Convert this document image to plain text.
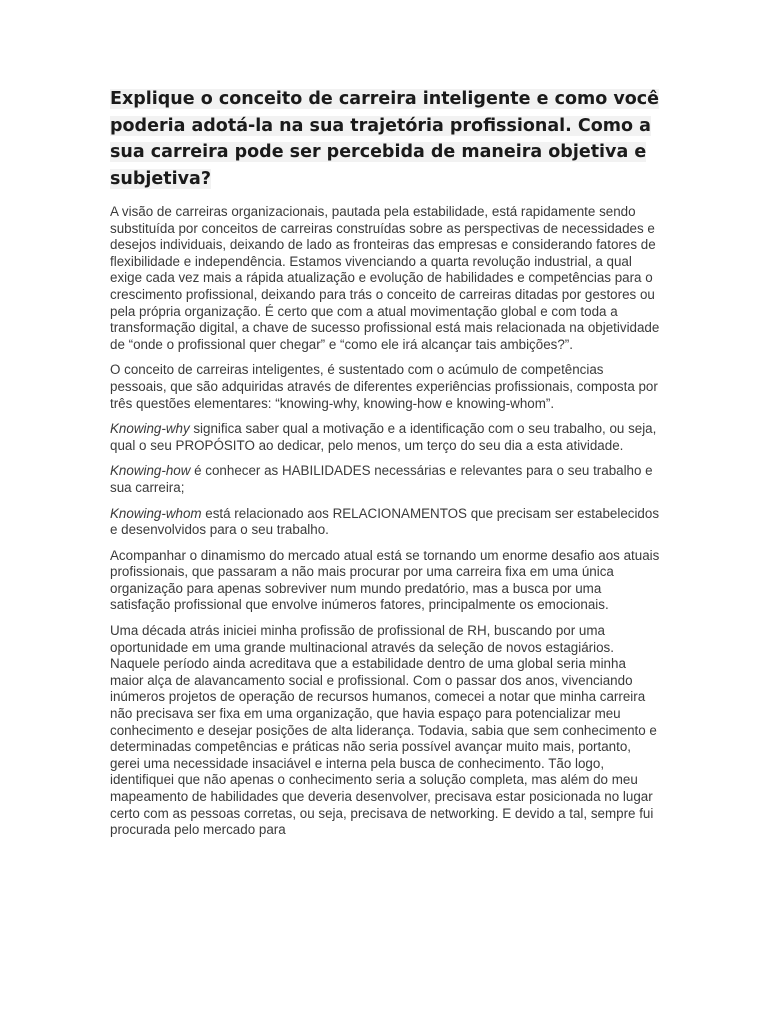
Explique o conceito de carreira inteligente e como você poderia adotá-la na sua trajetória profissional. Como a sua carreira pode ser percebida de maneira objetiva e subjetiva?

A visão de carreiras organizacionais, pautada pela estabilidade, está rapidamente sendo substituída por conceitos de carreiras construídas sobre as perspectivas de necessidades e desejos individuais, deixando de lado as fronteiras das empresas e considerando fatores de flexibilidade e independência. Estamos vivenciando a quarta revolução industrial, a qual exige cada vez mais a rápida atualização e evolução de habilidades e competências para o crescimento profissional, deixando para trás o conceito de carreiras ditadas por gestores ou pela própria organização. É certo que com a atual movimentação global e com toda a transformação digital, a chave de sucesso profissional está mais relacionada na objetividade de “onde o profissional quer chegar” e “como ele irá alcançar tais ambições?”.

O conceito de carreiras inteligentes, é sustentado com o acúmulo de competências pessoais, que são adquiridas através de diferentes experiências profissionais, composta por três questões elementares: “knowing-why, knowing-how e knowing-whom”.

Knowing-why significa saber qual a motivação e a identificação com o seu trabalho, ou seja, qual o seu PROPÓSITO ao dedicar, pelo menos, um terço do seu dia a esta atividade.

Knowing-how é conhecer as HABILIDADES necessárias e relevantes para o seu trabalho e sua carreira;

Knowing-whom está relacionado aos RELACIONAMENTOS que precisam ser estabelecidos e desenvolvidos para o seu trabalho.

Acompanhar o dinamismo do mercado atual está se tornando um enorme desafio aos atuais profissionais, que passaram a não mais procurar por uma carreira fixa em uma única organização para apenas sobreviver num mundo predatório, mas a busca por uma satisfação profissional que envolve inúmeros fatores, principalmente os emocionais.

Uma década atrás iniciei minha profissão de profissional de RH, buscando por uma oportunidade em uma grande multinacional através da seleção de novos estagiários. Naquele período ainda acreditava que a estabilidade dentro de uma global seria minha maior alça de alavancamento social e profissional. Com o passar dos anos, vivenciando inúmeros projetos de operação de recursos humanos, comecei a notar que minha carreira não precisava ser fixa em uma organização, que havia espaço para potencializar meu conhecimento e desejar posições de alta liderança. Todavia, sabia que sem conhecimento e determinadas competências e práticas não seria possível avançar muito mais, portanto, gerei uma necessidade insaciável e interna pela busca de conhecimento. Tão logo, identifiquei que não apenas o conhecimento seria a solução completa, mas além do meu mapeamento de habilidades que deveria desenvolver, precisava estar posicionada no lugar certo com as pessoas corretas, ou seja, precisava de networking. E devido a tal, sempre fui procurada pelo mercado para
